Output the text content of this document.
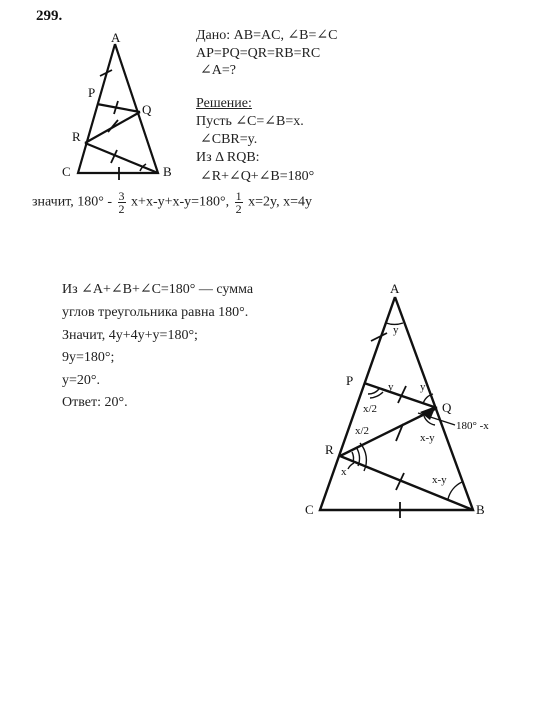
299.
Дано: AB=AC, ∠B=∠C
AP=PQ=QR=RB=RC
∠A=?
Решение:
Пусть ∠C=∠B=x.
∠CBR=y.
Из Δ RQB:
∠R+∠Q+∠B=180°
значит, $180^\circ - \frac{3}{2} x+x-y+x-y=180^\circ$, $\frac{1}{2} x=2y$, x=4y
Из ∠A+∠B+∠C=180° — сумма
углов треугольника равна 180°.
Значит, 4y+4y+y=180°;
9y=180°;
y=20°.
Ответ: 20°.
A
P
Q
R
C	B
A
P
Q
R
C	B
y
y y
x/2
x/2
x
x-y
x-y
180° -x
